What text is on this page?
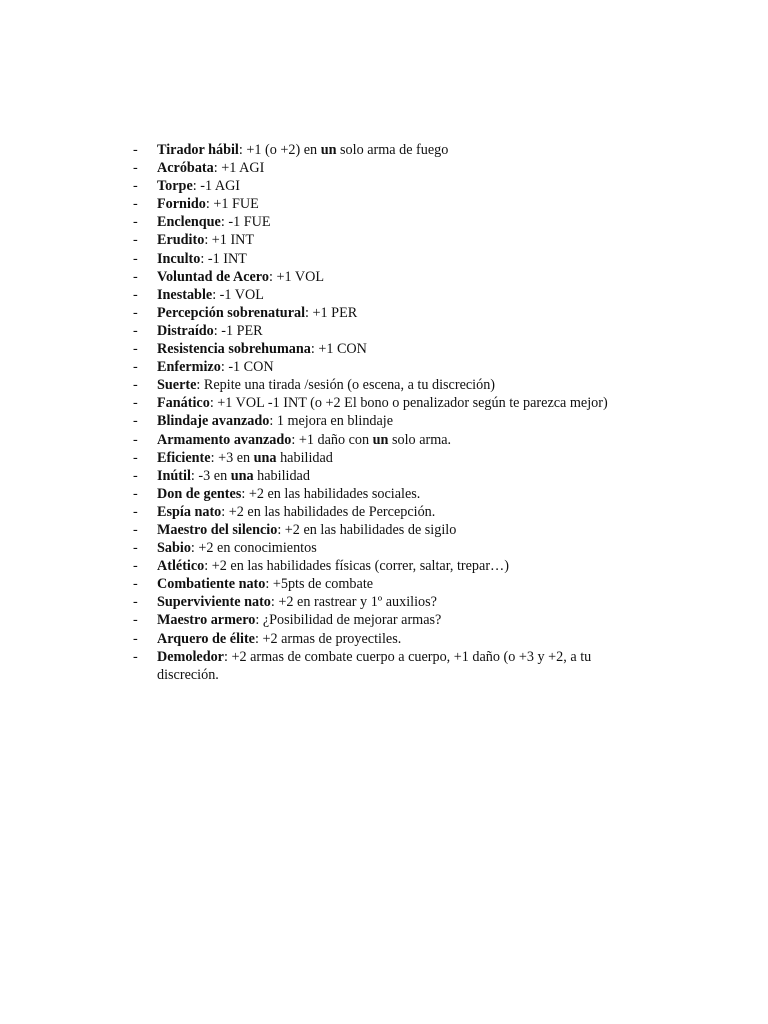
- Tirador hábil: +1 (o +2) en un solo arma de fuego
- Acróbata: +1 AGI
- Torpe: -1 AGI
- Fornido: +1 FUE
- Enclenque: -1 FUE
- Erudito: +1 INT
- Inculto: -1 INT
- Voluntad de Acero: +1 VOL
- Inestable: -1 VOL
- Percepción sobrenatural: +1 PER
- Distraído: -1 PER
- Resistencia sobrehumana: +1 CON
- Enfermizo: -1 CON
- Suerte: Repite una tirada /sesión (o escena, a tu discreción)
- Fanático: +1 VOL -1 INT (o +2 El bono o penalizador según te parezca mejor)
- Blindaje avanzado: 1 mejora en blindaje
- Armamento avanzado: +1 daño con un solo arma.
- Eficiente: +3 en una habilidad
- Inútil: -3 en una habilidad
- Don de gentes: +2 en las habilidades sociales.
- Espía nato: +2 en las habilidades de Percepción.
- Maestro del silencio: +2 en las habilidades de sigilo
- Sabio: +2 en conocimientos
- Atlético: +2 en las habilidades físicas (correr, saltar, trepar…)
- Combatiente nato: +5pts de combate
- Superviviente nato: +2 en rastrear y 1º auxilios?
- Maestro armero: ¿Posibilidad de mejorar armas?
- Arquero de élite: +2 armas de proyectiles.
- Demoledor: +2 armas de combate cuerpo a cuerpo, +1 daño (o +3 y +2, a tu discreción.
